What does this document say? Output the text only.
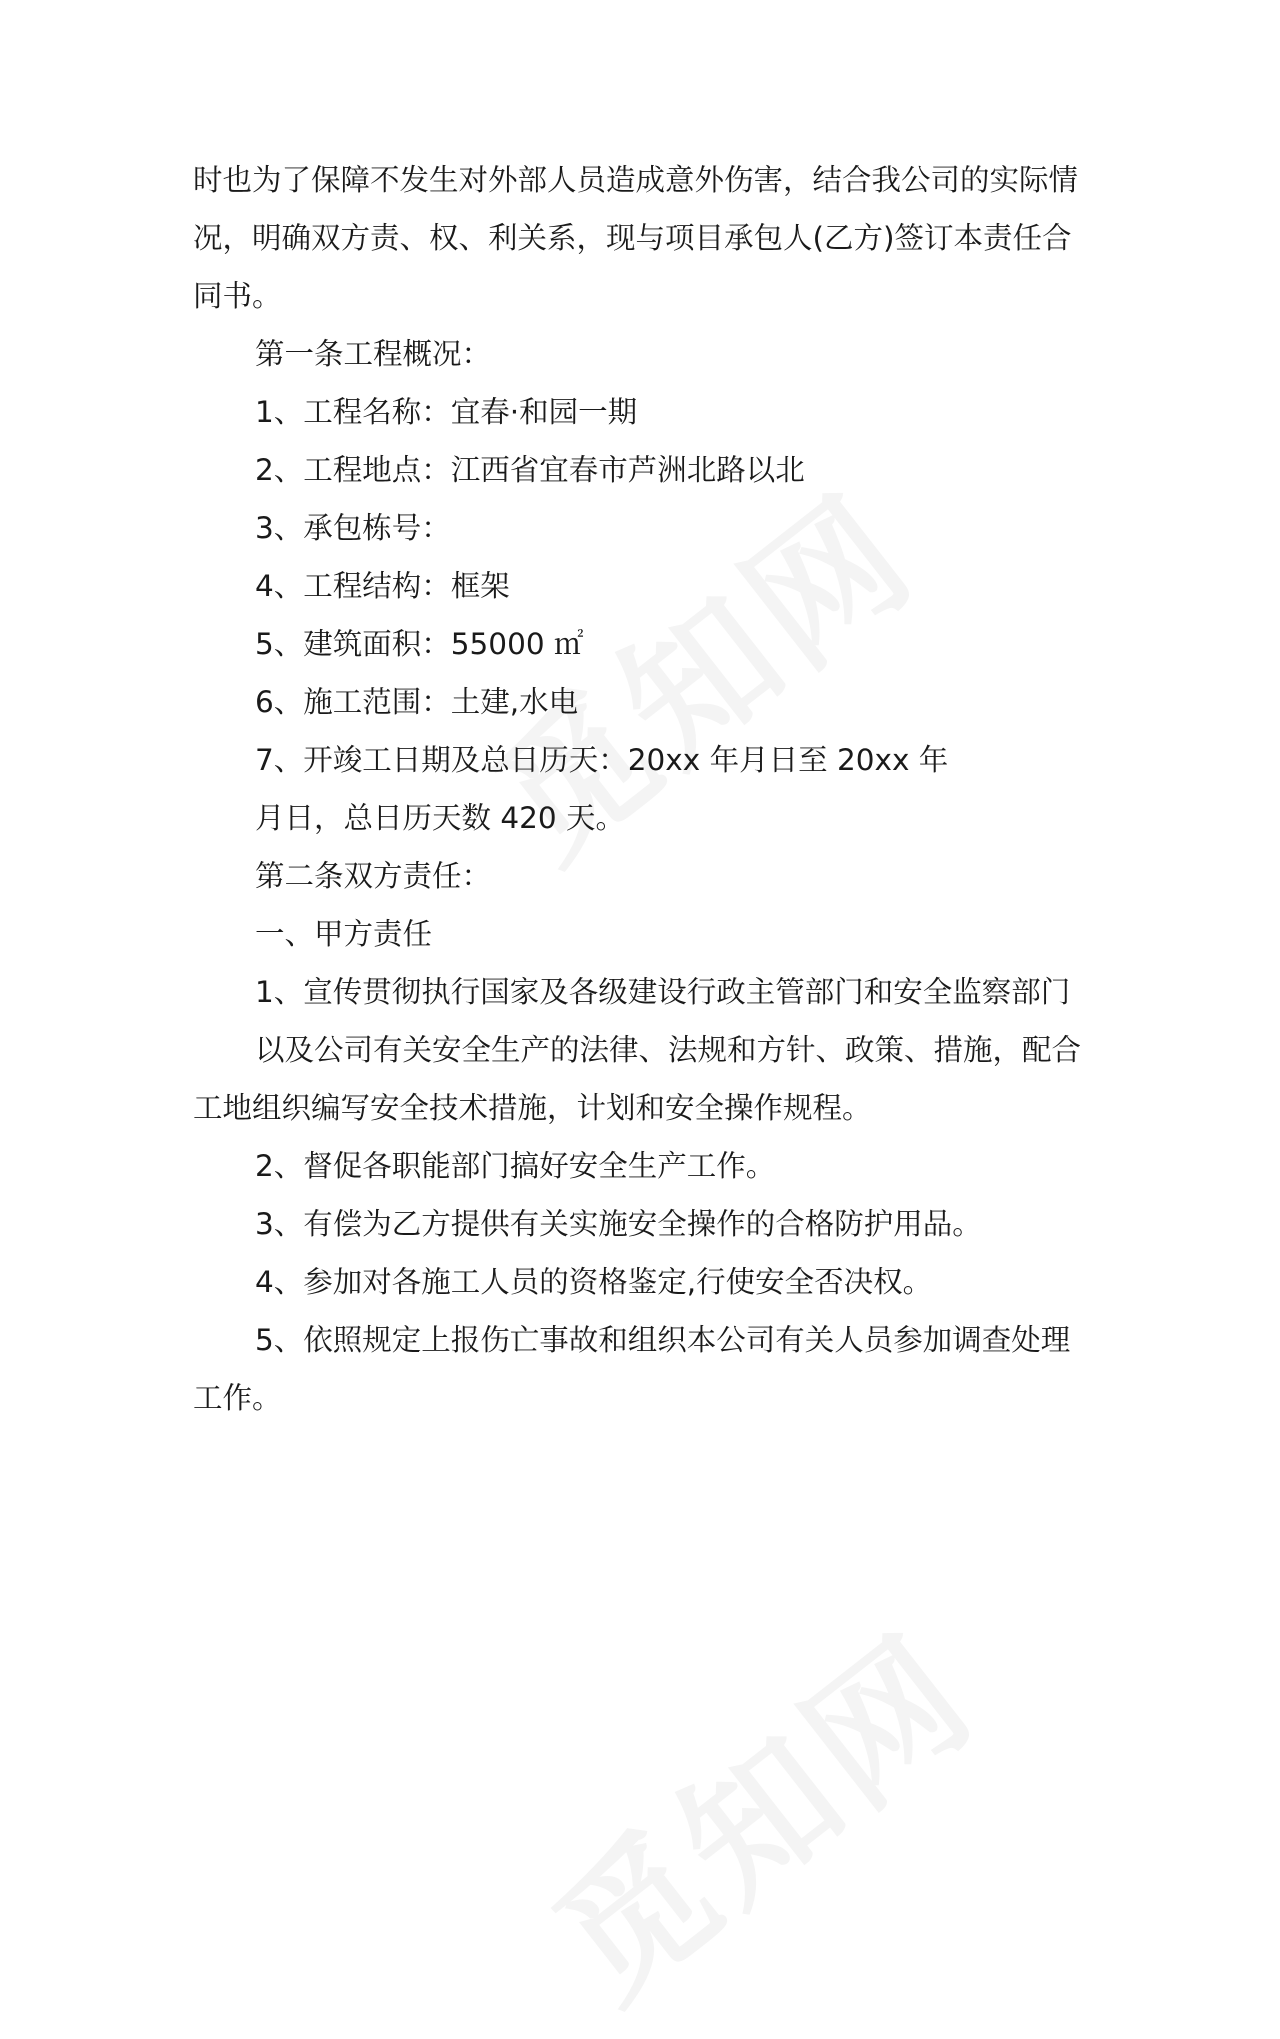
时也为了保障不发生对外部人员造成意外伤害，结合我公司的实际情
况，明确双方责、权、利关系，现与项目承包人(乙方)签订本责任合
同书。
第一条工程概况：
1、工程名称：宜春·和园一期
2、工程地点：江西省宜春市芦洲北路以北
3、承包栋号：
4、工程结构：框架
5、建筑面积：55000 ㎡
6、施工范围：土建,水电
7、开竣工日期及总日历天：20xx 年月日至 20xx 年
月日，总日历天数 420 天。
第二条双方责任：
一、甲方责任
1、宣传贯彻执行国家及各级建设行政主管部门和安全监察部门
以及公司有关安全生产的法律、法规和方针、政策、措施，配合
工地组织编写安全技术措施，计划和安全操作规程。
2、督促各职能部门搞好安全生产工作。
3、有偿为乙方提供有关实施安全操作的合格防护用品。
4、参加对各施工人员的资格鉴定,行使安全否决权。
5、依照规定上报伤亡事故和组织本公司有关人员参加调查处理
工作。
